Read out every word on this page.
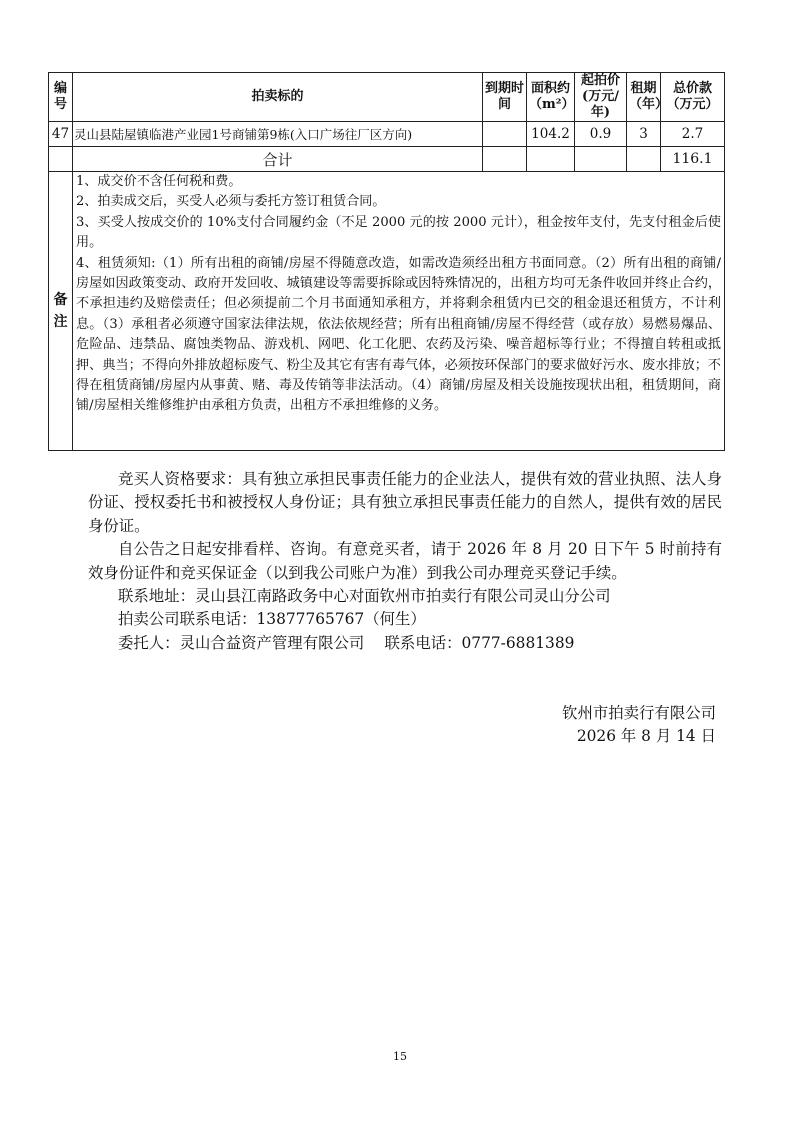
编号	拍卖标的	到期时间	面积约（m²）	起拍价(万元/年)	租期（年）	总价款（万元）
47	灵山县陆屋镇临港产业园1号商铺第9栋(入口广场往厂区方向)		104.2	0.9	3	2.7
	合计					116.1
备注	1、成交价不含任何税和费。

2、拍卖成交后，买受人必须与委托方签订租赁合同。

3、买受人按成交价的 10%支付合同履约金（不足 2000 元的按 2000 元计），租金按年支付，先支付租金后使用。

4、租赁须知:（1）所有出租的商铺/房屋不得随意改造，如需改造须经出租方书面同意。（2）所有出租的商铺/房屋如因政策变动、政府开发回收、城镇建设等需要拆除或因特殊情况的，出租方均可无条件收回并终止合约，不承担违约及赔偿责任；但必须提前二个月书面通知承租方，并将剩余租赁内已交的租金退还租赁方，不计利息。（3）承租者必须遵守国家法律法规，依法依规经营；所有出租商铺/房屋不得经营（或存放）易燃易爆品、危险品、违禁品、腐蚀类物品、游戏机、网吧、化工化肥、农药及污染、噪音超标等行业；不得擅自转租或抵押、典当；不得向外排放超标废气、粉尘及其它有害有毒气体，必须按环保部门的要求做好污水、废水排放；不得在租赁商铺/房屋内从事黄、赌、毒及传销等非法活动。（4）商铺/房屋及相关设施按现状出租，租赁期间，商铺/房屋相关维修维护由承租方负责，出租方不承担维修的义务。					

竞买人资格要求：具有独立承担民事责任能力的企业法人，提供有效的营业执照、法人身份证、授权委托书和被授权人身份证；具有独立承担民事责任能力的自然人，提供有效的居民身份证。

自公告之日起安排看样、咨询。有意竞买者，请于 2026 年 8 月 20 日下午 5 时前持有效身份证件和竞买保证金（以到我公司账户为准）到我公司办理竞买登记手续。

联系地址：灵山县江南路政务中心对面钦州市拍卖行有限公司灵山分公司

拍卖公司联系电话：13877765767（何生）

委托人：灵山合益资产管理有限公司　 联系电话：0777-6881389

钦州市拍卖行有限公司
2026 年 8 月 14 日
15
